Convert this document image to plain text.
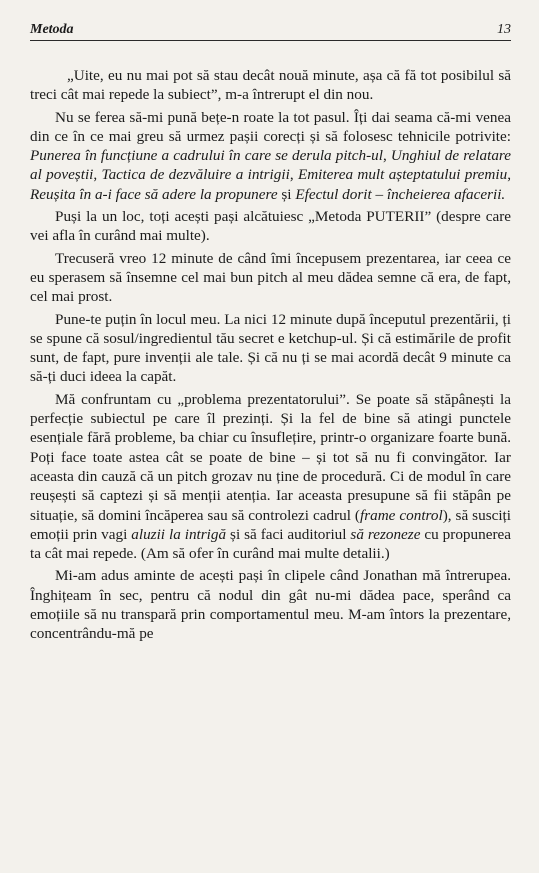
Metoda	13

„Uite, eu nu mai pot să stau decât nouă minute, așa că fă tot posibilul să treci cât mai repede la subiect”, m-a întrerupt el din nou.

Nu se ferea să-mi pună bețe-n roate la tot pasul. Îți dai seama că-mi venea din ce în ce mai greu să urmez pașii corecți și să folosesc tehnicile potrivite: Punerea în funcțiune a cadrului în care se derula pitch-ul, Unghiul de relatare al poveștii, Tactica de dezvăluire a intrigii, Emiterea mult așteptatului premiu, Reușita în a-i face să adere la propunere și Efectul dorit – încheierea afacerii.

Puși la un loc, toți acești pași alcătuiesc „Metoda PUTERII” (despre care vei afla în curând mai multe).

Trecuseră vreo 12 minute de când îmi începusem prezentarea, iar ceea ce eu sperasem să însemne cel mai bun pitch al meu dădea semne că era, de fapt, cel mai prost.

Pune-te puțin în locul meu. La nici 12 minute după începutul prezentării, ți se spune că sosul/ingredientul tău secret e ketchup-ul. Și că estimările de profit sunt, de fapt, pure invenții ale tale. Și că nu ți se mai acordă decât 9 minute ca să-ți duci ideea la capăt.

Mă confruntam cu „problema prezentatorului”. Se poate să stăpânești la perfecție subiectul pe care îl prezinți. Și la fel de bine să atingi punctele esențiale fără probleme, ba chiar cu însuflețire, printr-o organizare foarte bună. Poți face toate astea cât se poate de bine – și tot să nu fi convingător. Iar aceasta din cauză că un pitch grozav nu ține de procedură. Ci de modul în care reușești să captezi și să menții atenția. Iar aceasta presupune să fii stăpân pe situație, să domini încăperea sau să controlezi cadrul (frame control), să susciți emoții prin vagi aluzii la intrigă și să faci auditoriul să rezoneze cu propunerea ta cât mai repede. (Am să ofer în curând mai multe detalii.)

Mi-am adus aminte de acești pași în clipele când Jonathan mă întrerupea. Înghițeam în sec, pentru că nodul din gât nu-mi dădea pace, sperând ca emoțiile să nu transpară prin comportamentul meu. M-am întors la prezentare, concentrându-mă pe
